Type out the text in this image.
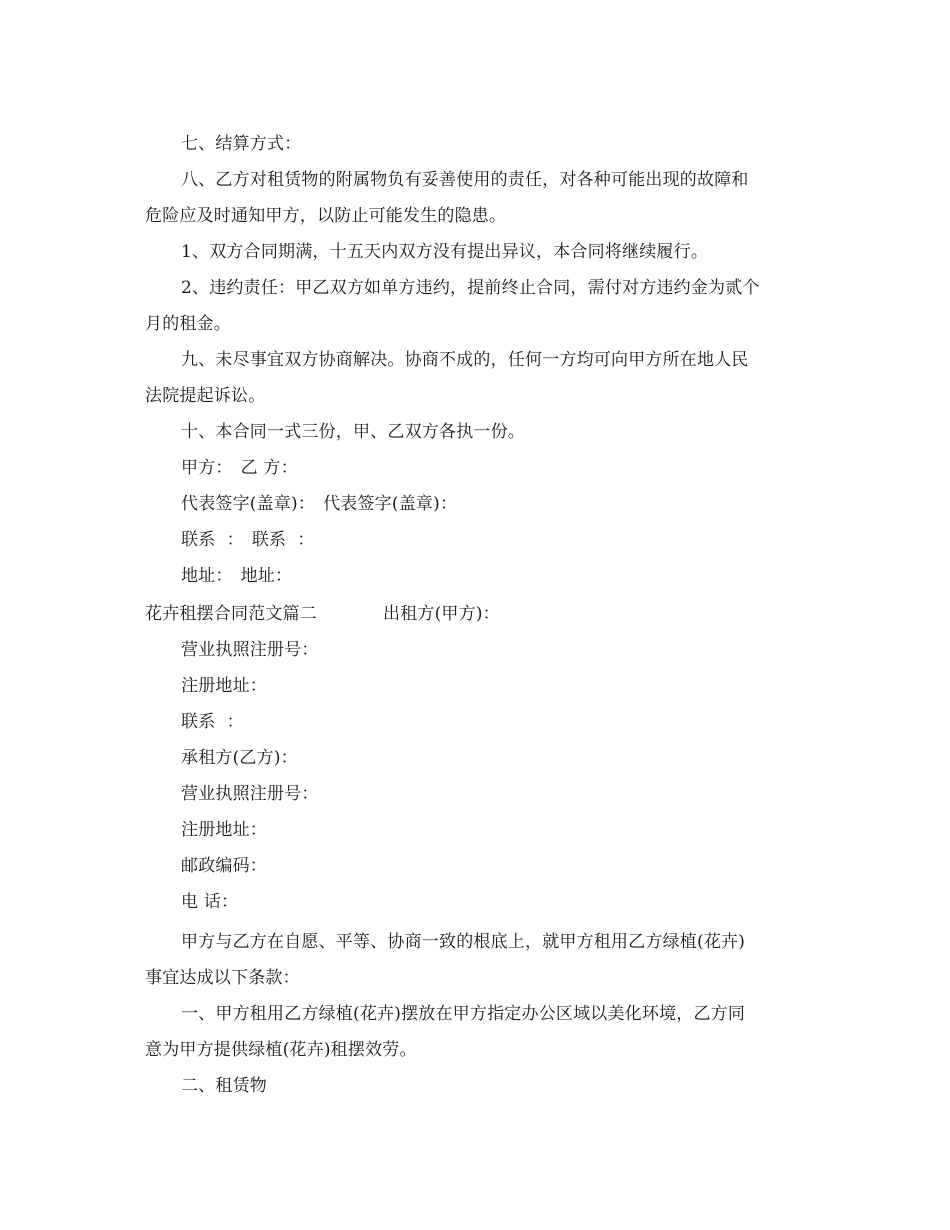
七、结算方式：
八、乙方对租赁物的附属物负有妥善使用的责任，对各种可能出现的故障和
危险应及时通知甲方，以防止可能发生的隐患。
1、双方合同期满，十五天内双方没有提出异议，本合同将继续履行。
2、违约责任：甲乙双方如单方违约，提前终止合同，需付对方违约金为贰个
月的租金。
九、未尽事宜双方协商解决。协商不成的，任何一方均可向甲方所在地人民
法院提起诉讼。
十、本合同一式三份，甲、乙双方各执一份。
甲方： 乙 方：
代表签字(盖章)： 代表签字(盖章)：
联系  ： 联系  ：
地址： 地址：
花卉租摆合同范文篇二	出租方(甲方)：
营业执照注册号：
注册地址：
联系  ：
承租方(乙方)：
营业执照注册号：
注册地址：
邮政编码：
电 话：
甲方与乙方在自愿、平等、协商一致的根底上，就甲方租用乙方绿植(花卉)
事宜达成以下条款：
一、甲方租用乙方绿植(花卉)摆放在甲方指定办公区域以美化环境，乙方同
意为甲方提供绿植(花卉)租摆效劳。
二、租赁物
